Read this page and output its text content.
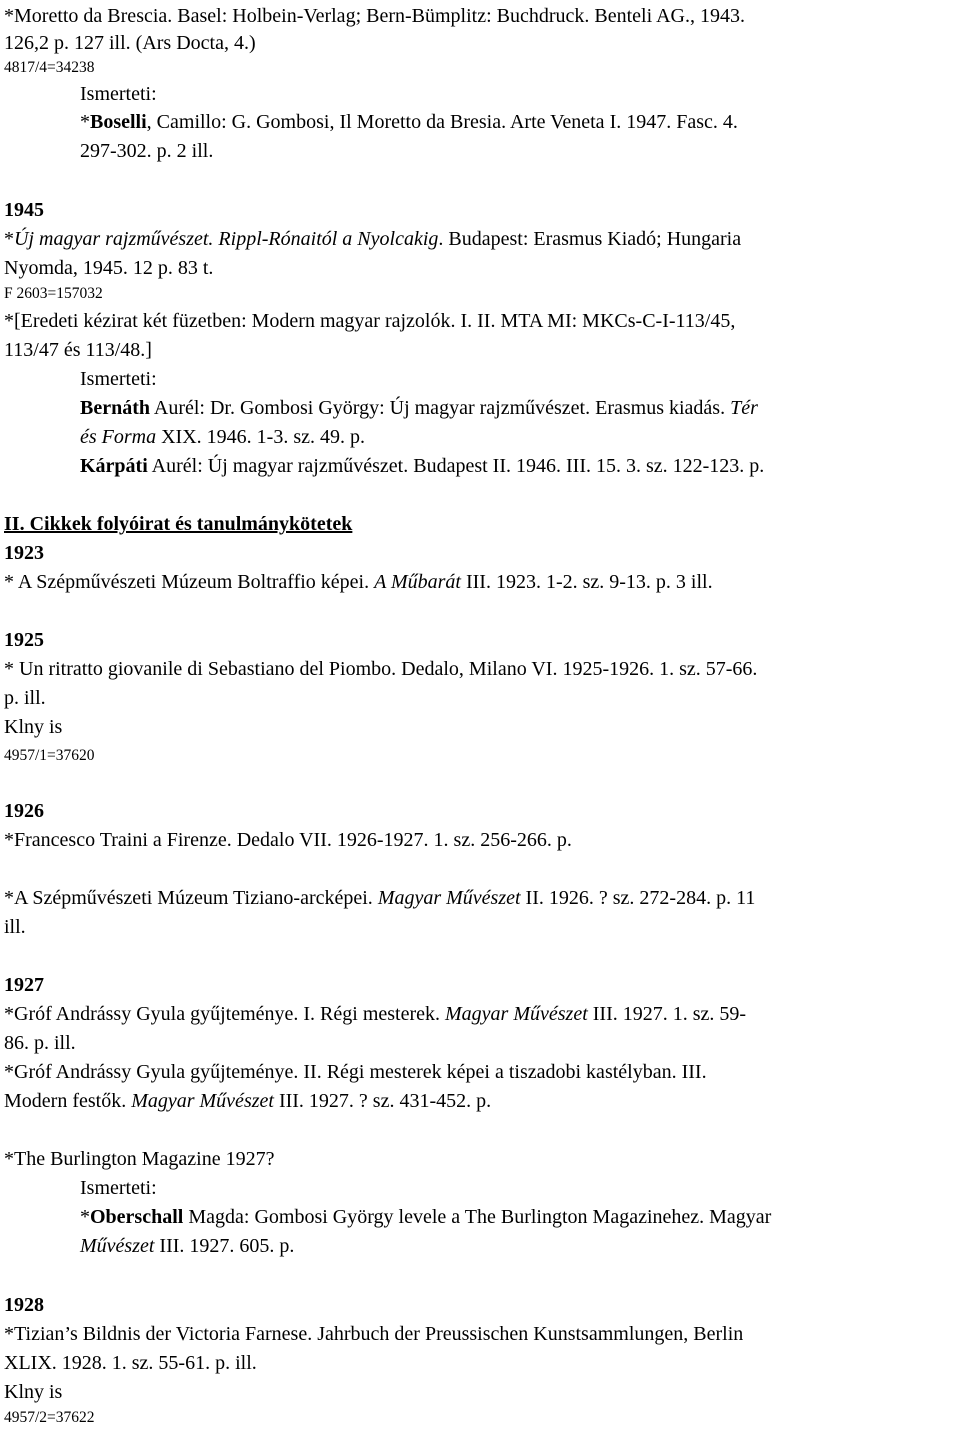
*Moretto da Brescia. Basel: Holbein-Verlag; Bern-Bümplitz: Buchdruck. Benteli AG., 1943.
126,2 p. 127 ill. (Ars Docta, 4.)
4817/4=34238
Ismerteti:
*Boselli, Camillo: G. Gombosi, Il Moretto da Bresia. Arte Veneta I. 1947. Fasc. 4.
297-302. p. 2 ill.
1945
*Új magyar rajzművészet. Rippl-Rónaitól a Nyolcakig. Budapest: Erasmus Kiadó; Hungaria
Nyomda, 1945. 12 p. 83 t.
F 2603=157032
*[Eredeti kézirat két füzetben: Modern magyar rajzolók. I. II. MTA MI: MKCs-C-I-113/45,
113/47 és 113/48.]
Ismerteti:
Bernáth Aurél: Dr. Gombosi György: Új magyar rajzművészet. Erasmus kiadás. Tér
és Forma XIX. 1946. 1-3. sz. 49. p.
Kárpáti Aurél: Új magyar rajzművészet. Budapest II. 1946. III. 15. 3. sz. 122-123. p.
II. Cikkek folyóirat és tanulmánykötetek
1923
* A Szépművészeti Múzeum Boltraffio képei. A Műbarát III. 1923. 1-2. sz. 9-13. p. 3 ill.
1925
* Un ritratto giovanile di Sebastiano del Piombo. Dedalo, Milano VI. 1925-1926. 1. sz. 57-66.
p. ill.
Klny is
4957/1=37620
1926
*Francesco Traini a Firenze. Dedalo VII. 1926-1927. 1. sz. 256-266. p.
*A Szépművészeti Múzeum Tiziano-arcképei. Magyar Művészet II. 1926. ? sz. 272-284. p. 11
ill.
1927
*Gróf Andrássy Gyula gyűjteménye. I. Régi mesterek. Magyar Művészet III. 1927. 1. sz. 59-
86. p. ill.
*Gróf Andrássy Gyula gyűjteménye. II. Régi mesterek képei a tiszadobi kastélyban. III.
Modern festők. Magyar Művészet III. 1927. ? sz. 431-452. p.
*The Burlington Magazine 1927?
Ismerteti:
*Oberschall Magda: Gombosi György levele a The Burlington Magazinehez. Magyar
Művészet III. 1927. 605. p.
1928
*Tizian’s Bildnis der Victoria Farnese. Jahrbuch der Preussischen Kunstsammlungen, Berlin
XLIX. 1928. 1. sz. 55-61. p. ill.
Klny is
4957/2=37622
